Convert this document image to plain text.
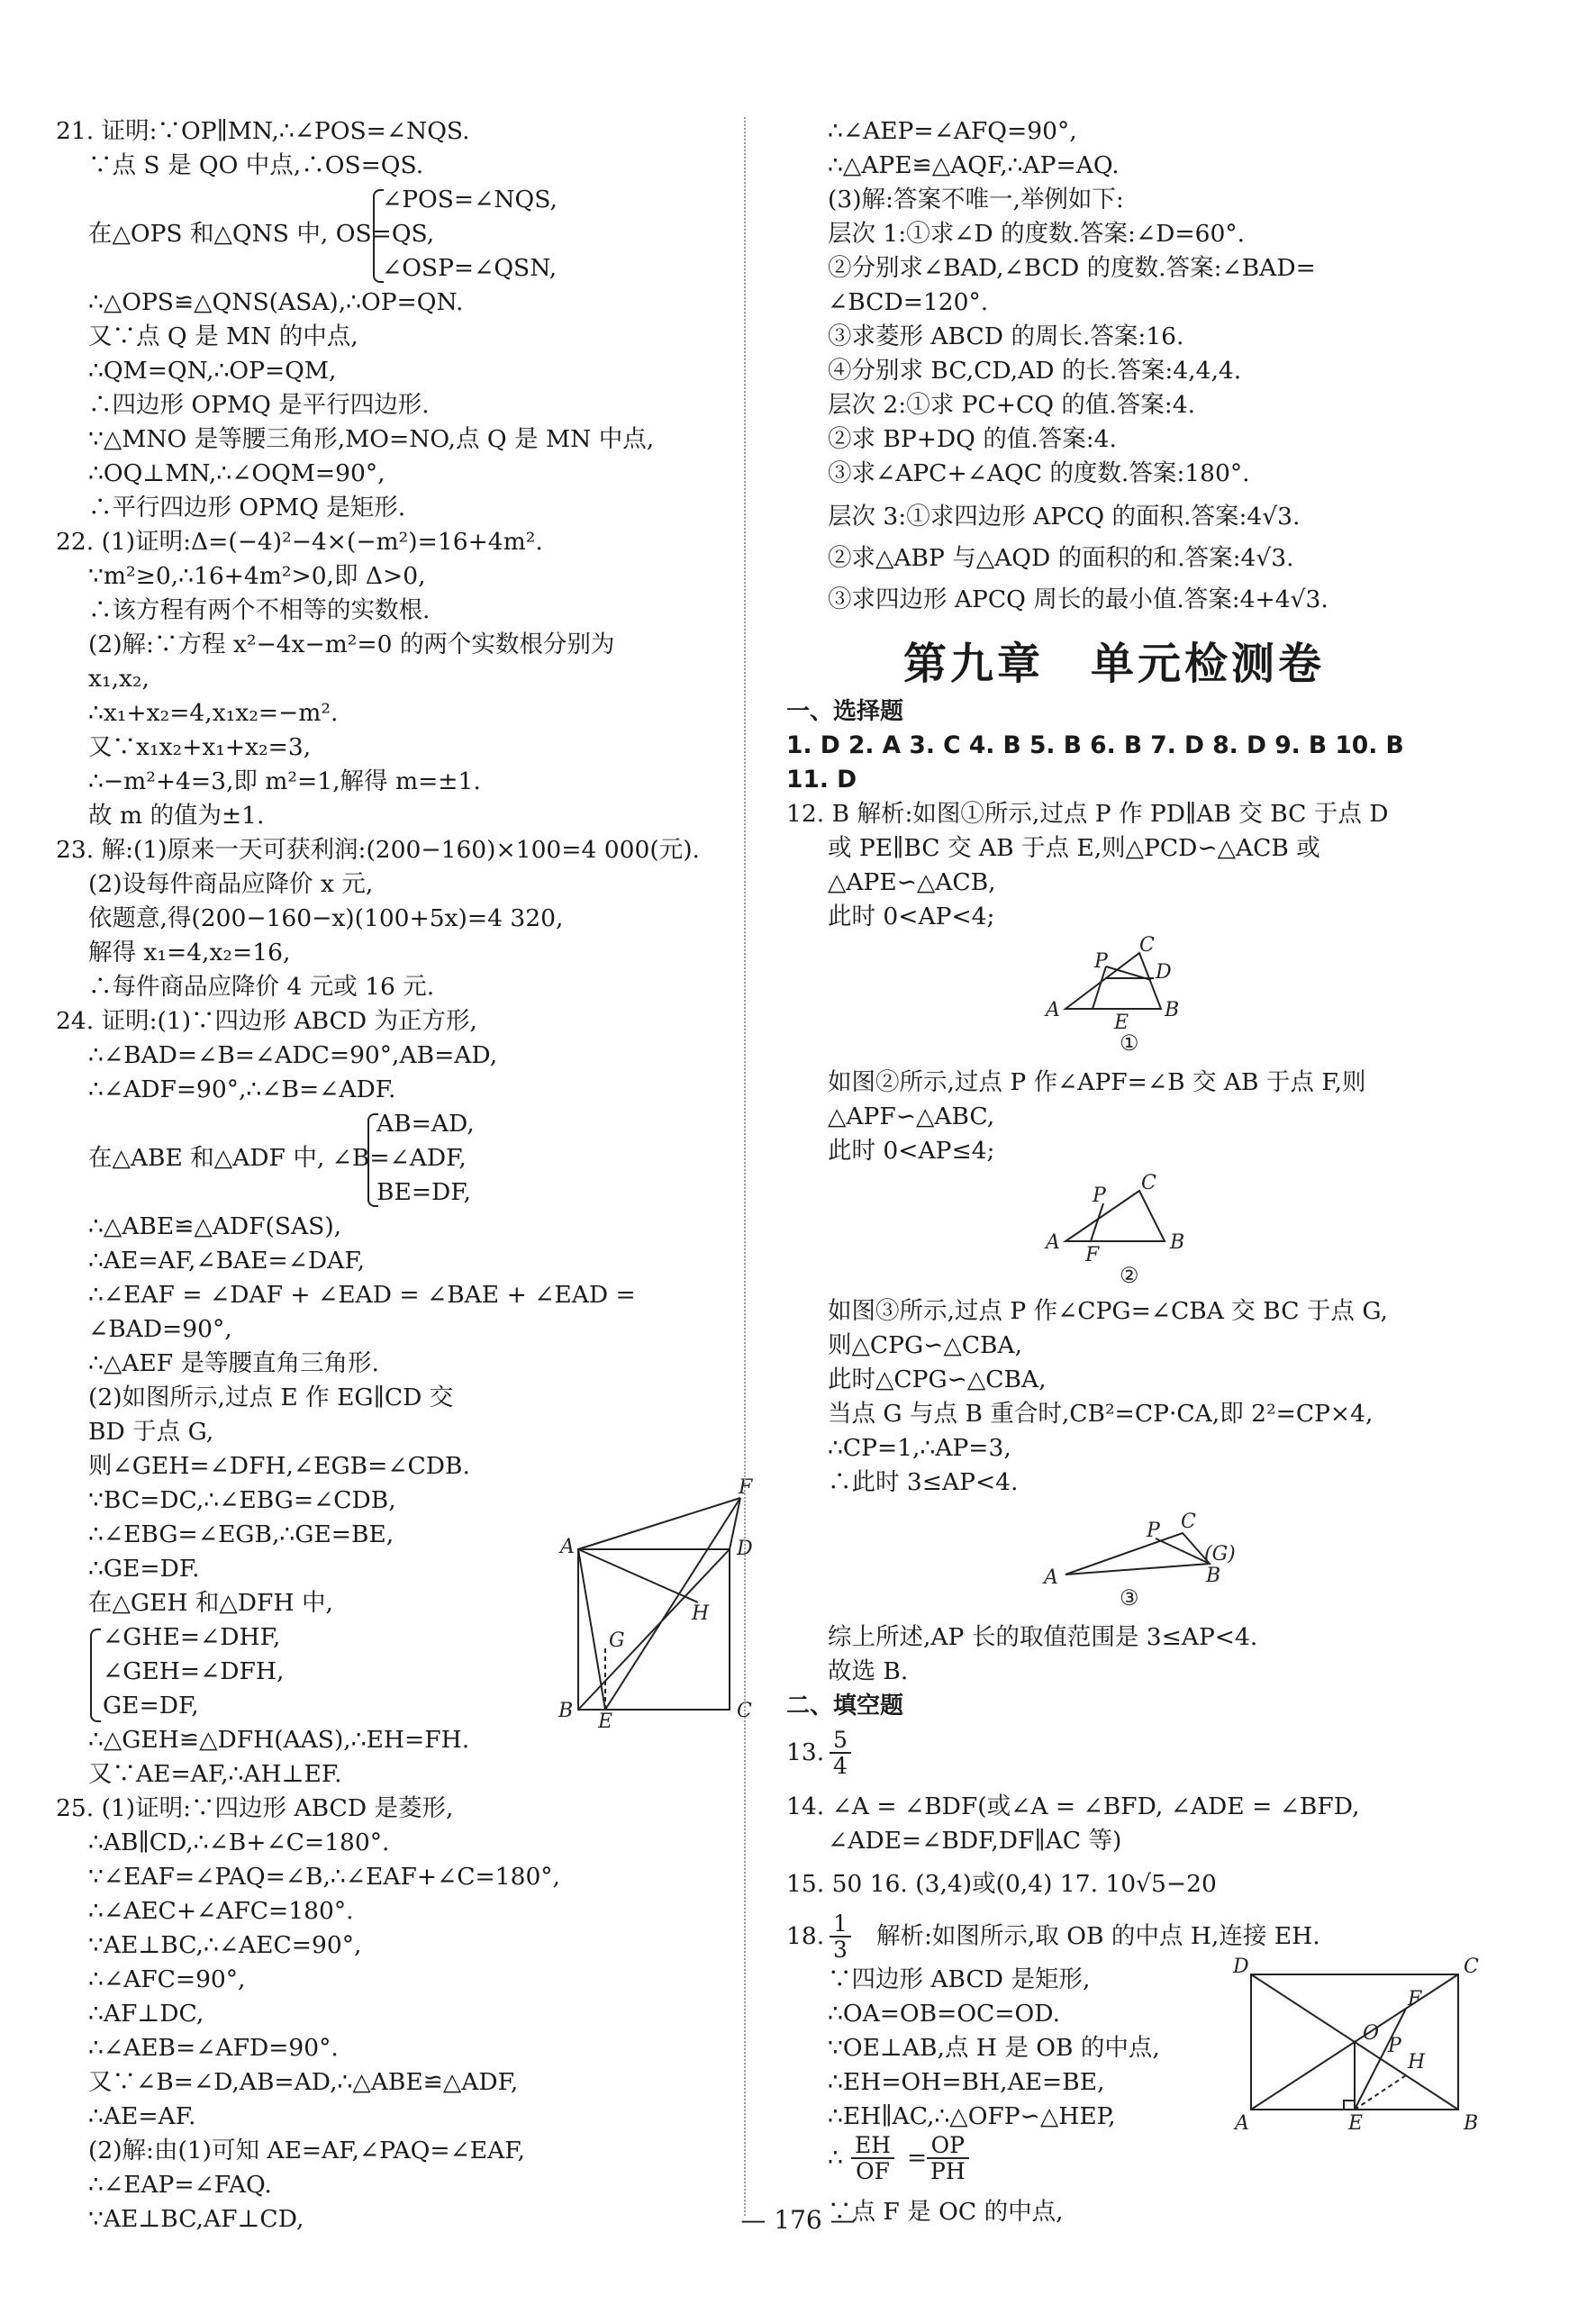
21. 证明:∵OP∥MN,∴∠POS=∠NQS.
∵点 S 是 QO 中点,∴OS=QS.
∠POS=∠NQS,
在△OPS 和△QNS 中, OS=QS,
∠OSP=∠QSN,
∴△OPS≌△QNS(ASA),∴OP=QN.
又∵点 Q 是 MN 的中点,
∴QM=QN,∴OP=QM,
∴四边形 OPMQ 是平行四边形.
∵△MNO 是等腰三角形,MO=NO,点 Q 是 MN 中点,
∴OQ⊥MN,∴∠OQM=90°,
∴平行四边形 OPMQ 是矩形.
22. (1)证明:Δ=(−4)²−4×(−m²)=16+4m².
∵m²≥0,∴16+4m²>0,即 Δ>0,
∴该方程有两个不相等的实数根.
(2)解:∵方程 x²−4x−m²=0 的两个实数根分别为
x₁,x₂,
∴x₁+x₂=4,x₁x₂=−m².
又∵x₁x₂+x₁+x₂=3,
∴−m²+4=3,即 m²=1,解得 m=±1.
故 m 的值为±1.
23. 解:(1)原来一天可获利润:(200−160)×100=4 000(元).
(2)设每件商品应降价 x 元,
依题意,得(200−160−x)(100+5x)=4 320,
解得 x₁=4,x₂=16,
∴每件商品应降价 4 元或 16 元.
24. 证明:(1)∵四边形 ABCD 为正方形,
∴∠BAD=∠B=∠ADC=90°,AB=AD,
∴∠ADF=90°,∴∠B=∠ADF.
AB=AD,
在△ABE 和△ADF 中, ∠B=∠ADF,
BE=DF,
∴△ABE≌△ADF(SAS),
∴AE=AF,∠BAE=∠DAF,
∴∠EAF = ∠DAF + ∠EAD = ∠BAE + ∠EAD =
∠BAD=90°,
∴△AEF 是等腰直角三角形.
(2)如图所示,过点 E 作 EG∥CD 交
BD 于点 G,
则∠GEH=∠DFH,∠EGB=∠CDB.
∵BC=DC,∴∠EBG=∠CDB,
∴∠EBG=∠EGB,∴GE=BE,
∴GE=DF.
在△GEH 和△DFH 中,
∠GHE=∠DHF,
∠GEH=∠DFH,
GE=DF,
∴△GEH≌△DFH(AAS),∴EH=FH.
又∵AE=AF,∴AH⊥EF.
25. (1)证明:∵四边形 ABCD 是菱形,
∴AB∥CD,∴∠B+∠C=180°.
∵∠EAF=∠PAQ=∠B,∴∠EAF+∠C=180°,
∴∠AEC+∠AFC=180°.
∵AE⊥BC,∴∠AEC=90°,
∴∠AFC=90°,
∴AF⊥DC,
∴∠AEB=∠AFD=90°.
又∵∠B=∠D,AB=AD,∴△ABE≌△ADF,
∴AE=AF.
(2)解:由(1)可知 AE=AF,∠PAQ=∠EAF,
∴∠EAP=∠FAQ.
∵AE⊥BC,AF⊥CD,
F
A	D
H
G
B E	C
∴∠AEP=∠AFQ=90°,
∴△APE≌△AQF,∴AP=AQ.
(3)解:答案不唯一,举例如下:
层次 1:①求∠D 的度数.答案:∠D=60°.
②分别求∠BAD,∠BCD 的度数.答案:∠BAD=
∠BCD=120°.
③求菱形 ABCD 的周长.答案:16.
④分别求 BC,CD,AD 的长.答案:4,4,4.
层次 2:①求 PC+CQ 的值.答案:4.
②求 BP+DQ 的值.答案:4.
③求∠APC+∠AQC 的度数.答案:180°.
层次 3:①求四边形 APCQ 的面积.答案:4√3.
②求△ABP 与△AQD 的面积的和.答案:4√3.
③求四边形 APCQ 周长的最小值.答案:4+4√3.
第九章　单元检测卷
一、选择题
1. D 2. A 3. C 4. B 5. B 6. B 7. D 8. D 9. B 10. B
11. D
12. B 解析:如图①所示,过点 P 作 PD∥AB 交 BC 于点 D
或 PE∥BC 交 AB 于点 E,则△PCD∽△ACB 或
△APE∽△ACB,
此时 0<AP<4;
A
P
C
D
B
E
①
如图②所示,过点 P 作∠APF=∠B 交 AB 于点 F,则
△APF∽△ABC,
此时 0<AP≤4;
A
P
C
B
F
②
如图③所示,过点 P 作∠CPG=∠CBA 交 BC 于点 G,
则△CPG∽△CBA,
此时△CPG∽△CBA,
当点 G 与点 B 重合时,CB²=CP·CA,即 2²=CP×4,
∴CP=1,∴AP=3,
∴此时 3≤AP<4.
A
P C
(G)
B
③
综上所述,AP 长的取值范围是 3≤AP<4.
故选 B.
二、填空题
13. $\frac{5}{4}$
14. ∠A = ∠BDF(或∠A = ∠BFD, ∠ADE = ∠BFD,
∠ADE=∠BDF,DF∥AC 等)
15. 50 16. (3,4)或(0,4) 17. 10√5−20
18. $\frac{1}{3}$ 解析:如图所示,取 OB 的中点 H,连接 EH.
∵四边形 ABCD 是矩形,
∴OA=OB=OC=OD.
∵OE⊥AB,点 H 是 OB 的中点,
∴EH=OH=BH,AE=BE,
∴EH∥AC,∴△OFP∽△HEP,
∴ $\frac{EH}{OF} = \frac{OP}{PH}$
∵点 F 是 OC 的中点,
D	C
F
O
P
H
A	E	B
— 176 —
